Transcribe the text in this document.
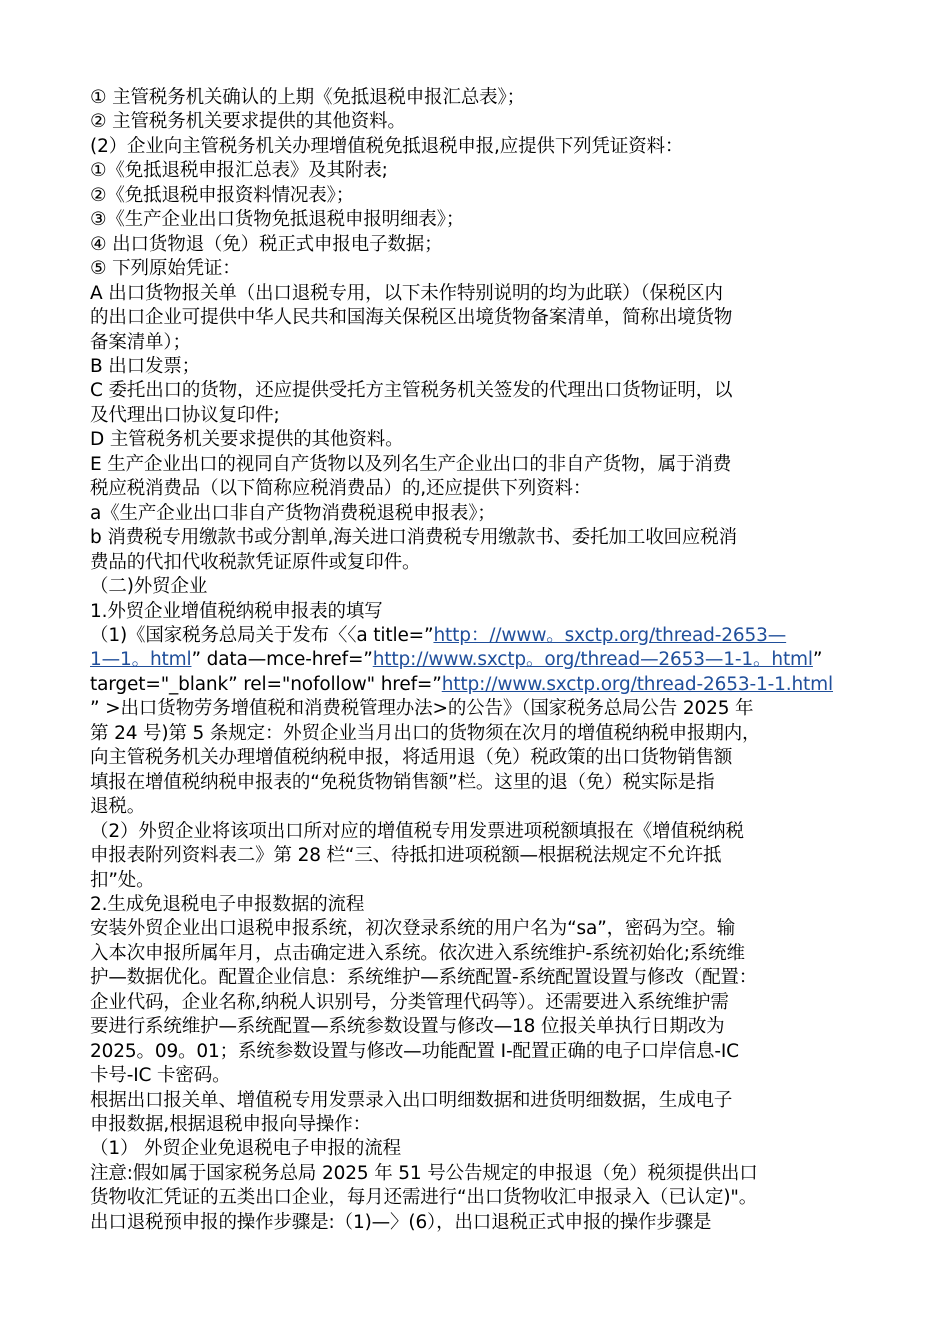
① 主管税务机关确认的上期《免抵退税申报汇总表》；
② 主管税务机关要求提供的其他资料。
(2）企业向主管税务机关办理增值税免抵退税申报,应提供下列凭证资料：
①《免抵退税申报汇总表》及其附表;
②《免抵退税申报资料情况表》；
③《生产企业出口货物免抵退税申报明细表》；
④ 出口货物退（免）税正式申报电子数据；
⑤ 下列原始凭证：
A 出口货物报关单（出口退税专用，以下未作特别说明的均为此联）（保税区内
的出口企业可提供中华人民共和国海关保税区出境货物备案清单，简称出境货物
备案清单）；
B 出口发票；
C 委托出口的货物，还应提供受托方主管税务机关签发的代理出口货物证明，以
及代理出口协议复印件;
D 主管税务机关要求提供的其他资料。
E 生产企业出口的视同自产货物以及列名生产企业出口的非自产货物，属于消费
税应税消费品（以下简称应税消费品）的,还应提供下列资料：
a《生产企业出口非自产货物消费税退税申报表》；
b 消费税专用缴款书或分割单,海关进口消费税专用缴款书、委托加工收回应税消
费品的代扣代收税款凭证原件或复印件。
（二)外贸企业
1.外贸企业增值税纳税申报表的填写
（1)《国家税务总局关于发布〈〈a title=”http：//www。sxctp.org/thread-2653—
1—1。html” data—mce-href=”http://www.sxctp。org/thread—2653—1-1。html”
target="_blank” rel="nofollow" href=”http://www.sxctp.org/thread-2653-1-1.html
” >出口货物劳务增值税和消费税管理办法>的公告》（国家税务总局公告 2025 年
第 24 号)第 5 条规定：外贸企业当月出口的货物须在次月的增值税纳税申报期内，
向主管税务机关办理增值税纳税申报，将适用退（免）税政策的出口货物销售额
填报在增值税纳税申报表的“免税货物销售额”栏。这里的退（免）税实际是指
退税。
（2）外贸企业将该项出口所对应的增值税专用发票进项税额填报在《增值税纳税
申报表附列资料表二》第 28 栏“三、待抵扣进项税额—根据税法规定不允许抵
扣”处。
2.生成免退税电子申报数据的流程
安装外贸企业出口退税申报系统，初次登录系统的用户名为“sa”，密码为空。输
入本次申报所属年月，点击确定进入系统。依次进入系统维护-系统初始化;系统维
护—数据优化。配置企业信息：系统维护—系统配置-系统配置设置与修改（配置：
企业代码，企业名称,纳税人识别号，分类管理代码等）。还需要进入系统维护需
要进行系统维护—系统配置—系统参数设置与修改—18 位报关单执行日期改为
2025。09。01；系统参数设置与修改—功能配置 I-配置正确的电子口岸信息-IC
卡号-IC 卡密码。
根据出口报关单、增值税专用发票录入出口明细数据和进货明细数据，生成电子
申报数据,根据退税申报向导操作：
（1） 外贸企业免退税电子申报的流程
注意:假如属于国家税务总局 2025 年 51 号公告规定的申报退（免）税须提供出口
货物收汇凭证的五类出口企业，每月还需进行“出口货物收汇申报录入（已认定)"。
出口退税预申报的操作步骤是:（1)—〉(6），出口退税正式申报的操作步骤是
